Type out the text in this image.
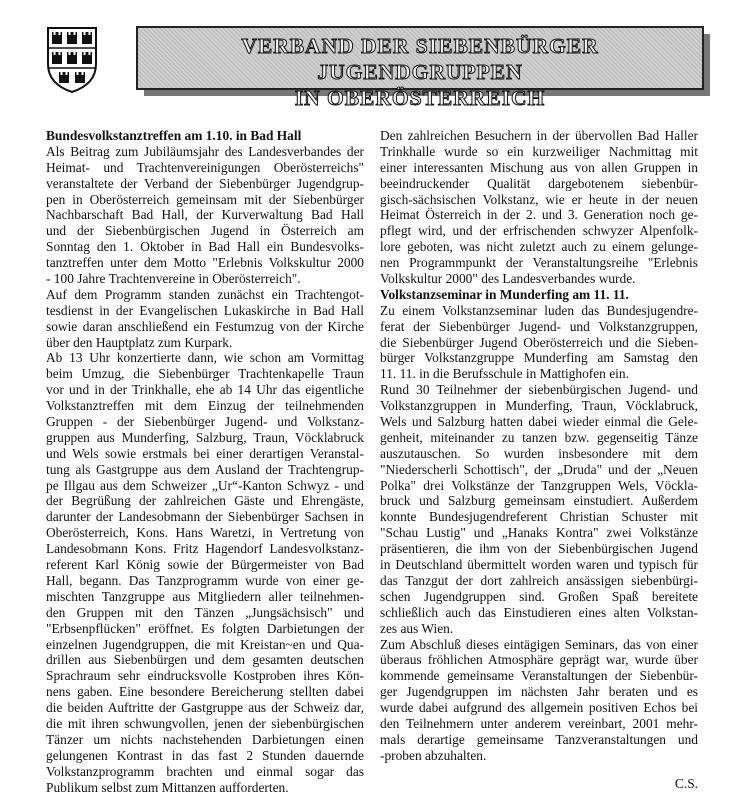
VERBAND DER SIEBENBÜRGER JUGENDGRUPPEN
IN OBERÖSTERREICH
Bundesvolkstanztreffen am 1.10. in Bad Hall
Als Beitrag zum Jubiläumsjahr des Landesverbandes der
Heimat- und Trachtenvereinigungen Oberösterreichs"
veranstaltete der Verband der Siebenbürger Jugendgrup-
pen in Oberösterreich gemeinsam mit der Siebenbürger
Nachbarschaft Bad Hall, der Kurverwaltung Bad Hall
und der Siebenbürgischen Jugend in Österreich am
Sonntag den 1. Oktober in Bad Hall ein Bundesvolks-
tanztreffen unter dem Motto "Erlebnis Volkskultur 2000
- 100 Jahre Trachtenvereine in Oberösterreich".
Auf dem Programm standen zunächst ein Trachtengot-
tesdienst in der Evangelischen Lukaskirche in Bad Hall
sowie daran anschließend ein Festumzug von der Kirche
über den Hauptplatz zum Kurpark.
Ab 13 Uhr konzertierte dann, wie schon am Vormittag
beim Umzug, die Siebenbürger Trachtenkapelle Traun
vor und in der Trinkhalle, ehe ab 14 Uhr das eigentliche
Volkstanztreffen mit dem Einzug der teilnehmenden
Gruppen - der Siebenbürger Jugend- und Volkstanz-
gruppen aus Munderfing, Salzburg, Traun, Vöcklabruck
und Wels sowie erstmals bei einer derartigen Veranstal-
tung als Gastgruppe aus dem Ausland der Trachtengrup-
pe Illgau aus dem Schweizer „Ur“-Kanton Schwyz - und
der Begrüßung der zahlreichen Gäste und Ehrengäste,
darunter der Landesobmann der Siebenbürger Sachsen in
Oberösterreich, Kons. Hans Waretzi, in Vertretung von
Landesobmann Kons. Fritz Hagendorf Landesvolkstanz-
referent Karl König sowie der Bürgermeister von Bad
Hall, begann. Das Tanzprogramm wurde von einer ge-
mischten Tanzgruppe aus Mitgliedern aller teilnehmen-
den Gruppen mit den Tänzen „Jungsächsisch" und
"Erbsenpflücken" eröffnet. Es folgten Darbietungen der
einzelnen Jugendgruppen, die mit Kreistan~en und Qua-
drillen aus Siebenbürgen und dem gesamten deutschen
Sprachraum sehr eindrucksvolle Kostproben ihres Kön-
nens gaben. Eine besondere Bereicherung stellten dabei
die beiden Auftritte der Gastgruppe aus der Schweiz dar,
die mit ihren schwungvollen, jenen der siebenbürgischen
Tänzer um nichts nachstehenden Darbietungen einen
gelungenen Kontrast in das fast 2 Stunden dauernde
Volkstanzprogramm brachten und einmal sogar das
Publikum selbst zum Mittanzen aufforderten.
Den zahlreichen Besuchern in der übervollen Bad Haller
Trinkhalle wurde so ein kurzweiliger Nachmittag mit
einer interessanten Mischung aus von allen Gruppen in
beeindruckender Qualität dargebotenem siebenbür-
gisch-sächsischen Volkstanz, wie er heute in der neuen
Heimat Österreich in der 2. und 3. Generation noch ge-
pflegt wird, und der erfrischenden schwyzer Alpenfolk-
lore geboten, was nicht zuletzt auch zu einem gelunge-
nen Programmpunkt der Veranstaltungsreihe "Erlebnis
Volkskultur 2000" des Landesverbandes wurde.
Volkstanzseminar in Munderfing am 11. 11.
Zu einem Volkstanzseminar luden das Bundesjugendre-
ferat der Siebenbürger Jugend- und Volkstanzgruppen,
die Siebenbürger Jugend Oberösterreich und die Sieben-
bürger Volkstanzgruppe Munderfing am Samstag den
11. 11. in die Berufsschule in Mattighofen ein.
Rund 30 Teilnehmer der siebenbürgischen Jugend- und
Volkstanzgruppen in Munderfing, Traun, Vöcklabruck,
Wels und Salzburg hatten dabei wieder einmal die Gele-
genheit, miteinander zu tanzen bzw. gegenseitig Tänze
auszutauschen. So wurden insbesondere mit dem
"Niederscherli Schottisch", der „Druda" und der „Neuen
Polka" drei Volkstänze der Tanzgruppen Wels, Vöckla-
bruck und Salzburg gemeinsam einstudiert. Außerdem
konnte Bundesjugendreferent Christian Schuster mit
"Schau Lustig" und „Hanaks Kontra" zwei Volkstänze
präsentieren, die ihm von der Siebenbürgischen Jugend
in Deutschland übermittelt worden waren und typisch für
das Tanzgut der dort zahlreich ansässigen siebenbürgi-
schen Jugendgruppen sind. Großen Spaß bereitete
schließlich auch das Einstudieren eines alten Volkstan-
zes aus Wien.
Zum Abschluß dieses eintägigen Seminars, das von einer
überaus fröhlichen Atmosphäre geprägt war, wurde über
kommende gemeinsame Veranstaltungen der Siebenbür-
ger Jugendgruppen im nächsten Jahr beraten und es
wurde dabei aufgrund des allgemein positiven Echos bei
den Teilnehmern unter anderem vereinbart, 2001 mehr-
mals derartige gemeinsame Tanzveranstaltungen und
-proben abzuhalten.
C.S.
